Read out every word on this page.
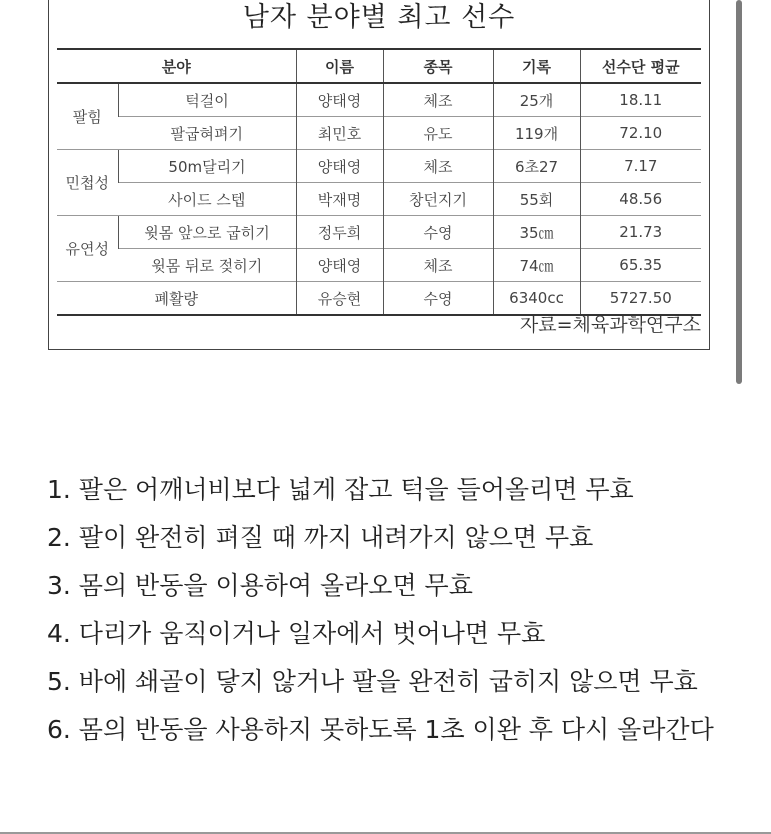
남자 분야별 최고 선수
분야		이름	종목	기록	선수단 평균
팔힘	턱걸이	양태영	체조	25개	18.11
	팔굽혀펴기	최민호	유도	119개	72.10
민첩성	50m달리기	양태영	체조	6초27	7.17
	사이드 스텝	박재명	창던지기	55회	48.56
유연성	윗몸 앞으로 굽히기	정두희	수영	35㎝	21.73
	윗몸 뒤로 젖히기	양태영	체조	74㎝	65.35
폐활량		유승현	수영	6340cc	5727.50
자료=체육과학연구소
1. 팔은 어깨너비보다 넓게 잡고 턱을 들어올리면 무효
2. 팔이 완전히 펴질 때 까지 내려가지 않으면 무효
3. 몸의 반동을 이용하여 올라오면 무효
4. 다리가 움직이거나 일자에서 벗어나면 무효
5. 바에 쇄골이 닿지 않거나 팔을 완전히 굽히지 않으면 무효
6. 몸의 반동을 사용하지 못하도록 1초 이완 후 다시 올라간다
